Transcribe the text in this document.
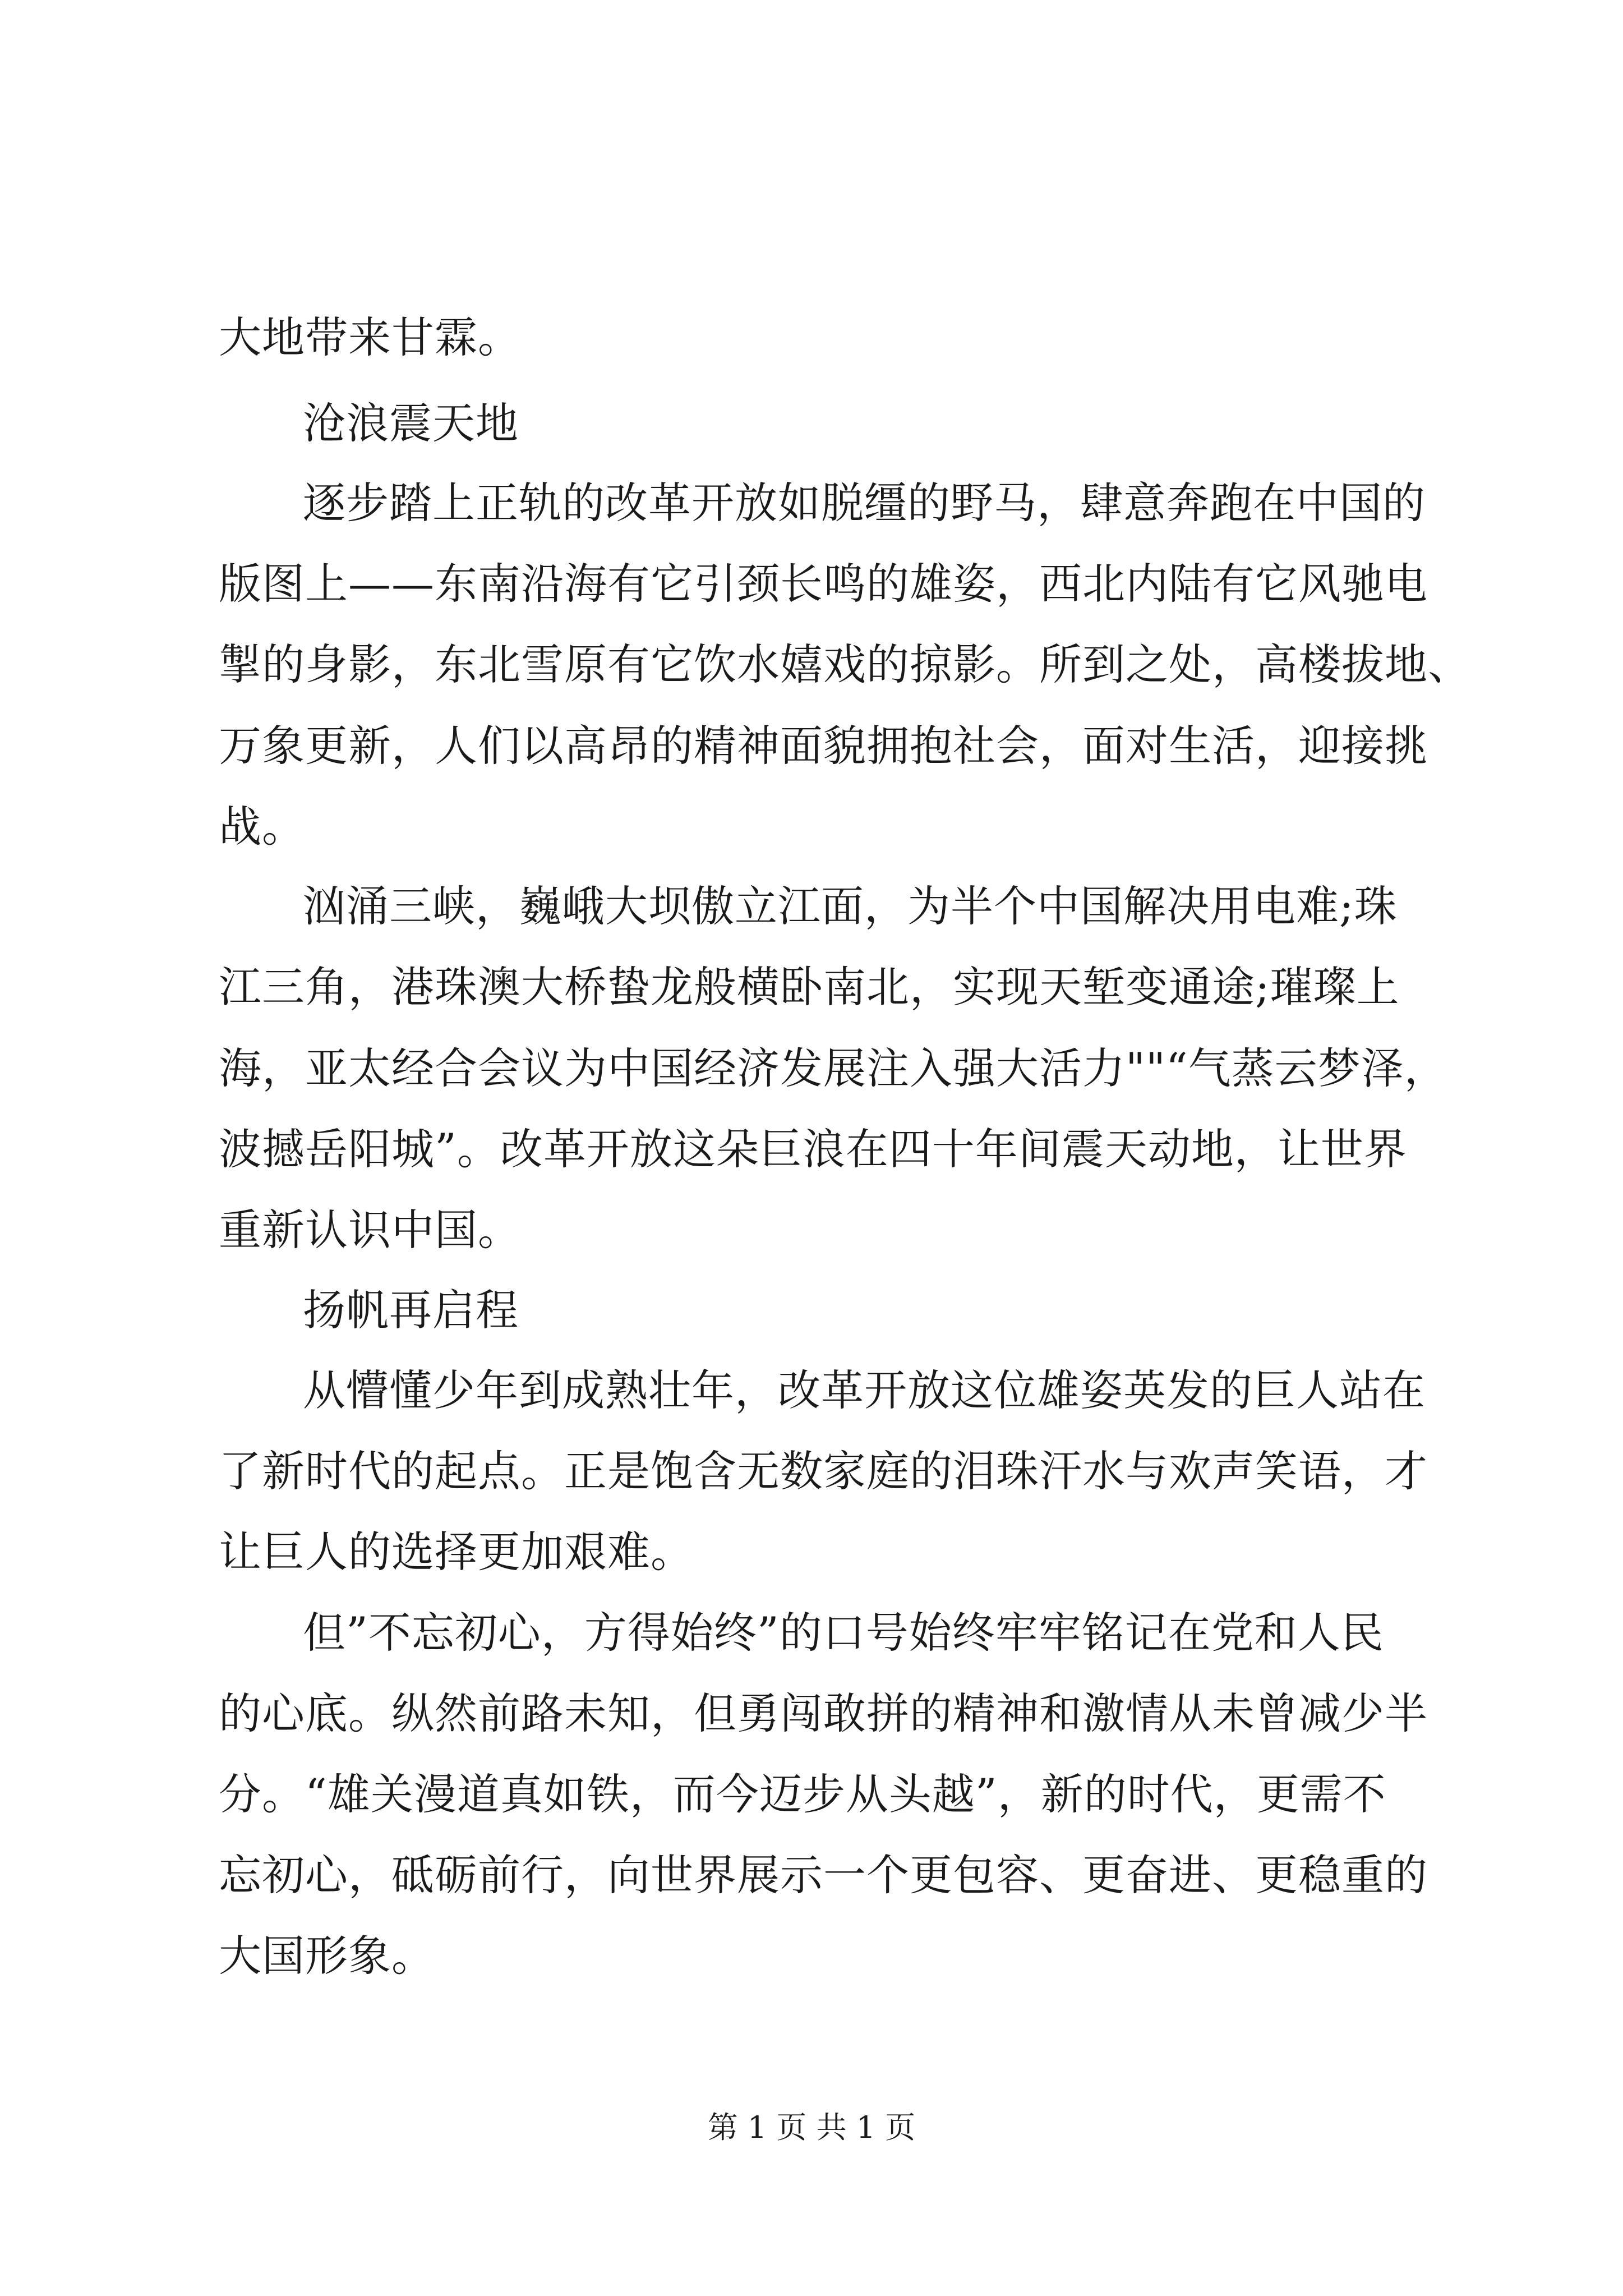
大地带来甘霖。

沧浪震天地

逐步踏上正轨的改革开放如脱缰的野马，肆意奔跑在中国的

版图上——东南沿海有它引颈长鸣的雄姿，西北内陆有它风驰电

掣的身影，东北雪原有它饮水嬉戏的掠影。所到之处，高楼拔地、

万象更新，人们以高昂的精神面貌拥抱社会，面对生活，迎接挑

战。

汹涌三峡，巍峨大坝傲立江面，为半个中国解决用电难;珠

江三角，港珠澳大桥蛰龙般横卧南北，实现天堑变通途;璀璨上

海，亚太经合会议为中国经济发展注入强大活力""“气蒸云梦泽，

波撼岳阳城”。改革开放这朵巨浪在四十年间震天动地，让世界

重新认识中国。

扬帆再启程

从懵懂少年到成熟壮年，改革开放这位雄姿英发的巨人站在

了新时代的起点。正是饱含无数家庭的泪珠汗水与欢声笑语，才

让巨人的选择更加艰难。

但”不忘初心，方得始终”的口号始终牢牢铭记在党和人民

的心底。纵然前路未知，但勇闯敢拼的精神和激情从未曾减少半

分。“雄关漫道真如铁，而今迈步从头越”，新的时代，更需不

忘初心，砥砺前行，向世界展示一个更包容、更奋进、更稳重的

大国形象。

第 1 页 共 1 页
